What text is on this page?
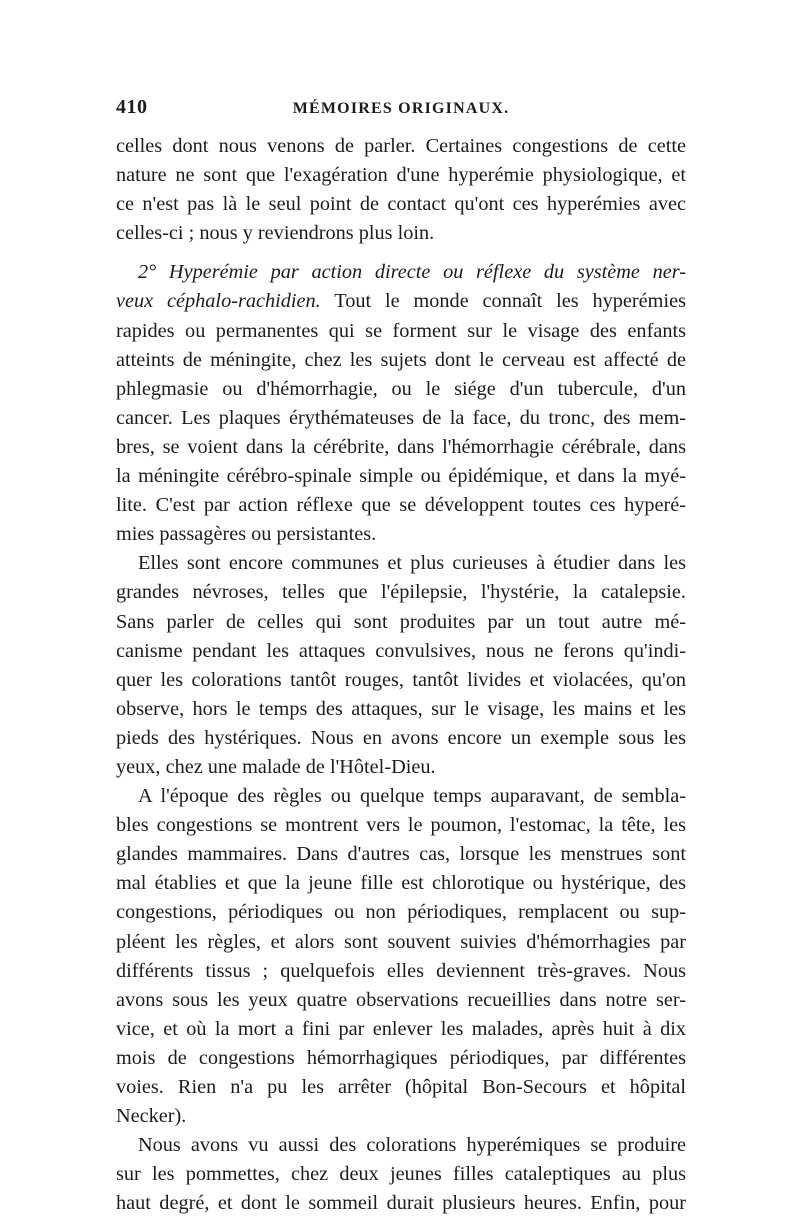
410	MÉMOIRES ORIGINAUX.

celles dont nous venons de parler. Certaines congestions de cette
nature ne sont que l'exagération d'une hyperémie physiologique, et
ce n'est pas là le seul point de contact qu'ont ces hyperémies avec
celles-ci ; nous y reviendrons plus loin.

2° Hyperémie par action directe ou réflexe du système ner-
veux céphalo-rachidien. Tout le monde connaît les hyperémies
rapides ou permanentes qui se forment sur le visage des enfants
atteints de méningite, chez les sujets dont le cerveau est affecté de
phlegmasie ou d'hémorrhagie, ou le siége d'un tubercule, d'un
cancer. Les plaques érythémateuses de la face, du tronc, des mem-
bres, se voient dans la cérébrite, dans l'hémorrhagie cérébrale, dans
la méningite cérébro-spinale simple ou épidémique, et dans la myé-
lite. C'est par action réflexe que se développent toutes ces hyperé-
mies passagères ou persistantes.

Elles sont encore communes et plus curieuses à étudier dans les
grandes névroses, telles que l'épilepsie, l'hystérie, la catalepsie.
Sans parler de celles qui sont produites par un tout autre mé-
canisme pendant les attaques convulsives, nous ne ferons qu'indi-
quer les colorations tantôt rouges, tantôt livides et violacées, qu'on
observe, hors le temps des attaques, sur le visage, les mains et les
pieds des hystériques. Nous en avons encore un exemple sous les
yeux, chez une malade de l'Hôtel-Dieu.

A l'époque des règles ou quelque temps auparavant, de sembla-
bles congestions se montrent vers le poumon, l'estomac, la tête, les
glandes mammaires. Dans d'autres cas, lorsque les menstrues sont
mal établies et que la jeune fille est chlorotique ou hystérique, des
congestions, périodiques ou non périodiques, remplacent ou sup-
pléent les règles, et alors sont souvent suivies d'hémorrhagies par
différents tissus ; quelquefois elles deviennent très-graves. Nous
avons sous les yeux quatre observations recueillies dans notre ser-
vice, et où la mort a fini par enlever les malades, après huit à dix
mois de congestions hémorrhagiques périodiques, par différentes
voies. Rien n'a pu les arrêter (hôpital Bon-Secours et hôpital
Necker).

Nous avons vu aussi des colorations hyperémiques se produire
sur les pommettes, chez deux jeunes filles cataleptiques au plus
haut degré, et dont le sommeil durait plusieurs heures. Enfin, pour
